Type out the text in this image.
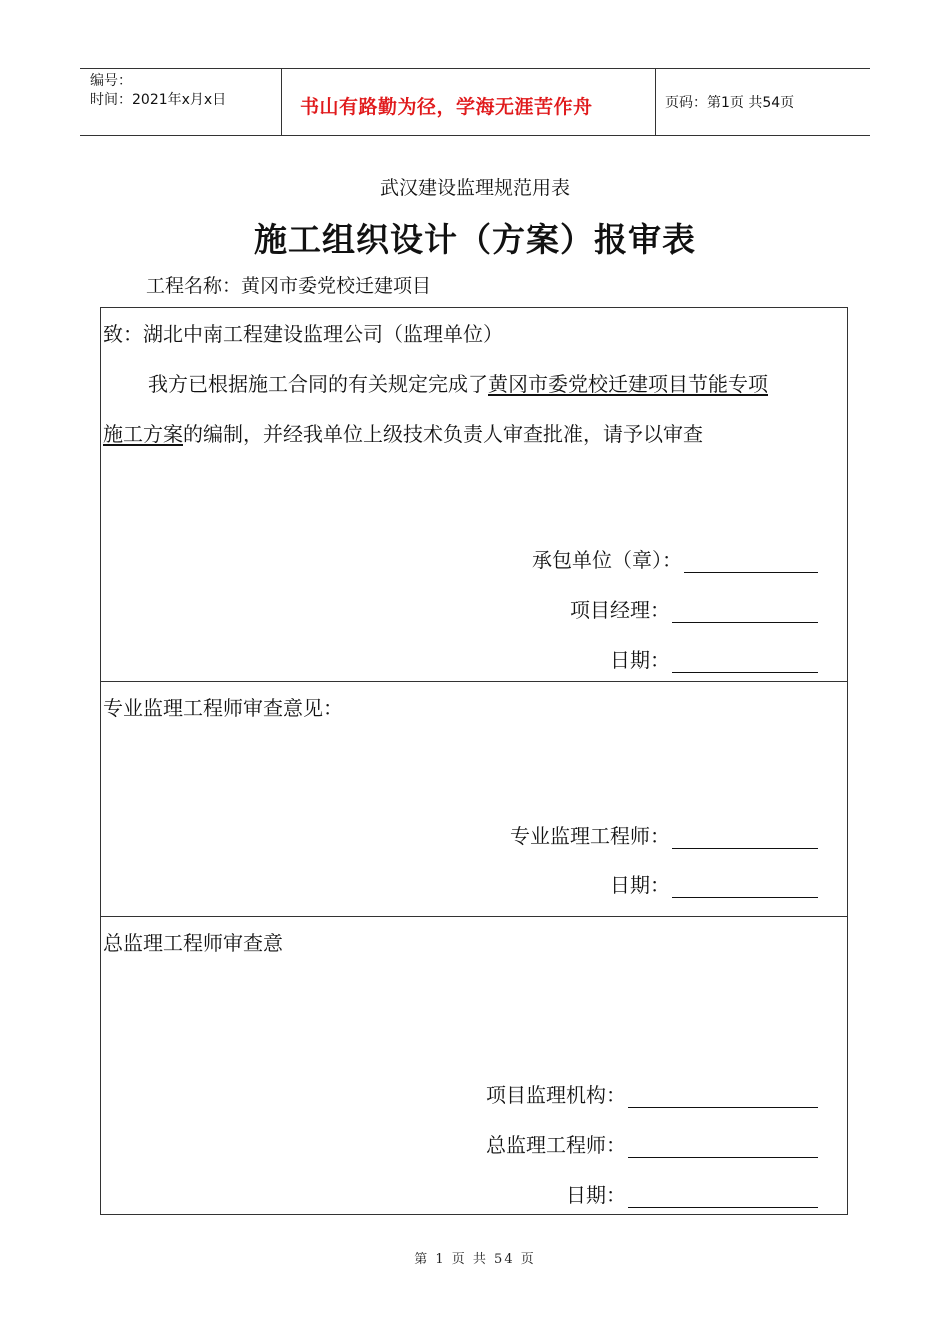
编号：
时间：2021年x月x日	书山有路勤为径，学海无涯苦作舟	页码：第1页 共54页
武汉建设监理规范用表
施工组织设计（方案）报审表
工程名称：黄冈市委党校迁建项目
致：湖北中南工程建设监理公司（监理单位）
我方已根据施工合同的有关规定完成了黄冈市委党校迁建项目节能专项
施工方案的编制，并经我单位上级技术负责人审查批准，请予以审查
承包单位（章）：
项目经理：
日期：
专业监理工程师审查意见：
专业监理工程师：
日期：
总监理工程师审查意
项目监理机构：
总监理工程师：
日期：
第 1 页 共 54 页
